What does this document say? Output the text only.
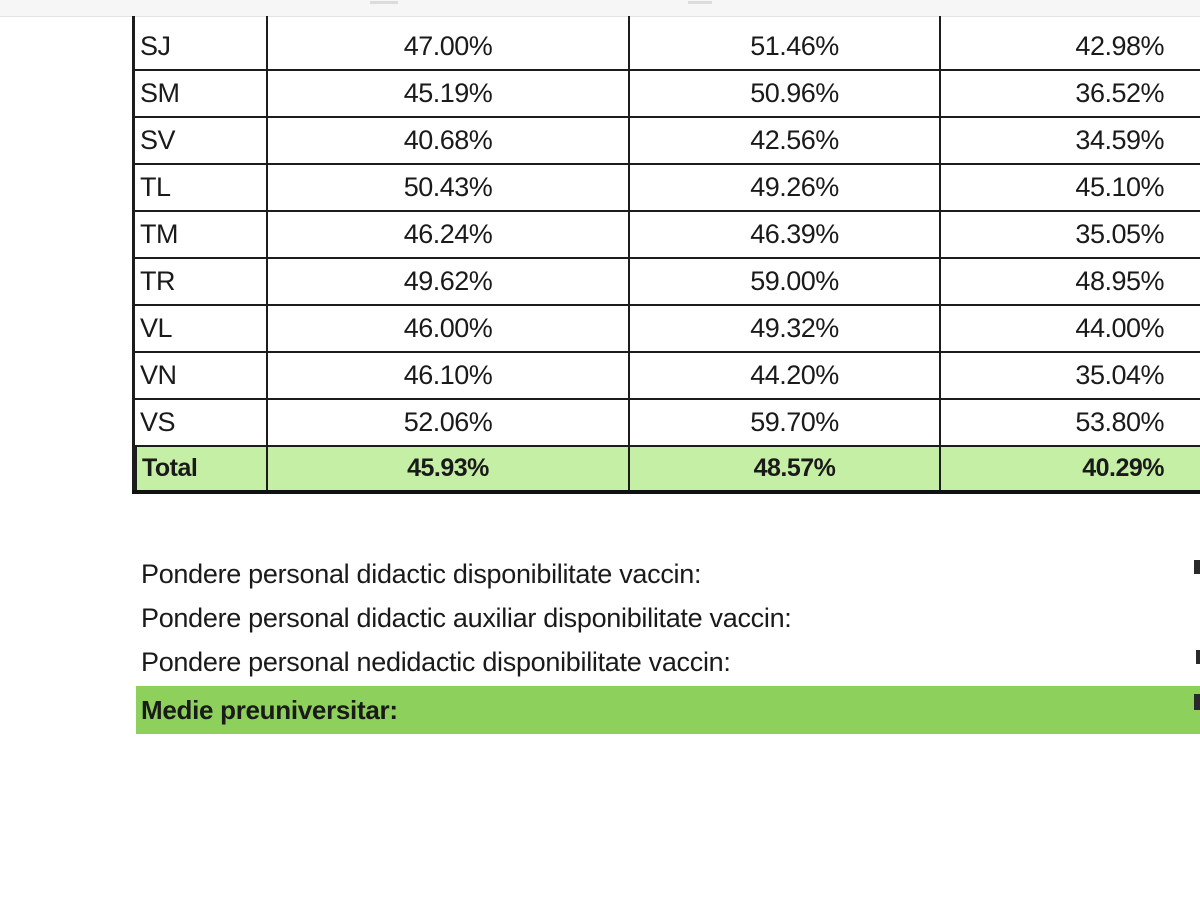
SJ	47.00%	51.46%	42.98%
SM	45.19%	50.96%	36.52%
SV	40.68%	42.56%	34.59%
TL	50.43%	49.26%	45.10%
TM	46.24%	46.39%	35.05%
TR	49.62%	59.00%	48.95%
VL	46.00%	49.32%	44.00%
VN	46.10%	44.20%	35.04%
VS	52.06%	59.70%	53.80%
Total	45.93%	48.57%	40.29%
Pondere personal didactic disponibilitate vaccin:
Pondere personal didactic auxiliar disponibilitate vaccin:
Pondere personal nedidactic disponibilitate vaccin:
Medie preuniversitar:
